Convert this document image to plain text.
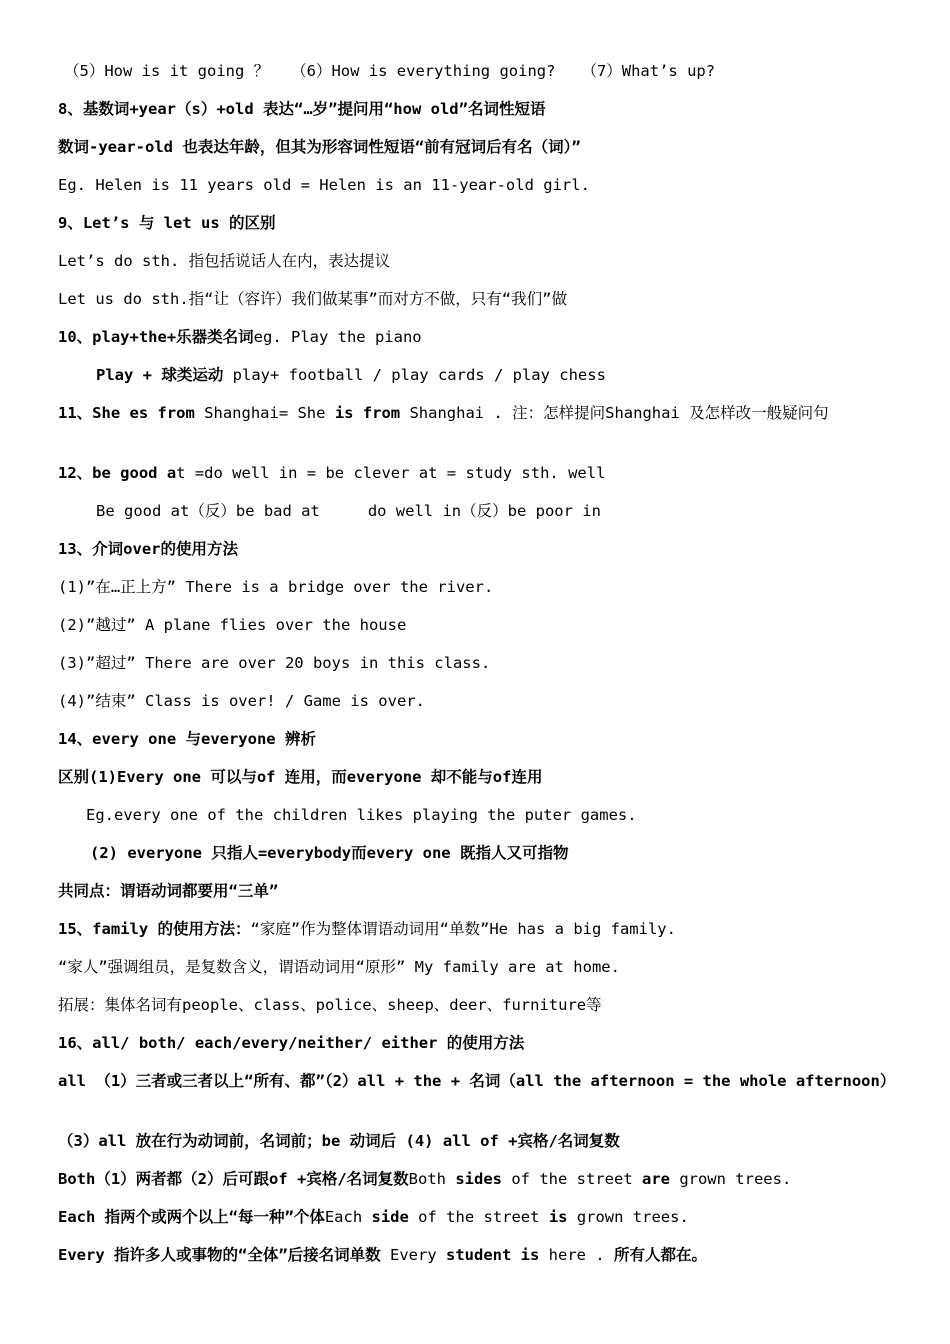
（5）How is it going ？ （6）How is everything going? （7）What’s up?
8、基数词+year（s）+old 表达“…岁”提问用“how old”名词性短语
数词-year-old 也表达年龄，但其为形容词性短语“前有冠词后有名（词）”
Eg. Helen is 11 years old = Helen is an 11-year-old girl.
9、Let’s 与 let us 的区别
Let’s do sth. 指包括说话人在内，表达提议
Let us do sth.指“让（容许）我们做某事”而对方不做，只有“我们”做
10、play+the+乐器类名词eg. Play the piano
Play + 球类运动 play+ football / play cards / play chess
11、She es from Shanghai= She is from Shanghai . 注：怎样提问Shanghai 及怎样改一般疑问句
12、be good at =do well in = be clever at = study sth. well
Be good at（反）be bad at	do well in（反）be poor in
13、介词over的使用方法
(1)”在…正上方” There is a bridge over the river.
(2)”越过” A plane flies over the house
(3)”超过” There are over 20 boys in this class.
(4)”结束” Class is over! / Game is over.
14、every one 与everyone 辨析
区别(1)Every one 可以与of 连用，而everyone 却不能与of连用
Eg.every one of the children likes playing the puter games.
(2) everyone 只指人=everybody而every one 既指人又可指物
共同点：谓语动词都要用“三单”
15、family 的使用方法：“家庭”作为整体谓语动词用“单数”He has a big family.
“家人”强调组员，是复数含义，谓语动词用“原形” My family are at home.
拓展：集体名词有people、class、police、sheep、deer、furniture等
16、all/ both/ each/every/neither/ either 的使用方法
all （1）三者或三者以上“所有、都”（2）all + the + 名词（all the afternoon = the whole afternoon）
（3）all 放在行为动词前，名词前；be 动词后 (4) all of +宾格/名词复数
Both（1）两者都（2）后可跟of +宾格/名词复数Both sides of the street are grown trees.
Each 指两个或两个以上“每一种”个体Each side of the street is grown trees.
Every 指许多人或事物的“全体”后接名词单数 Every student is here . 所有人都在。
